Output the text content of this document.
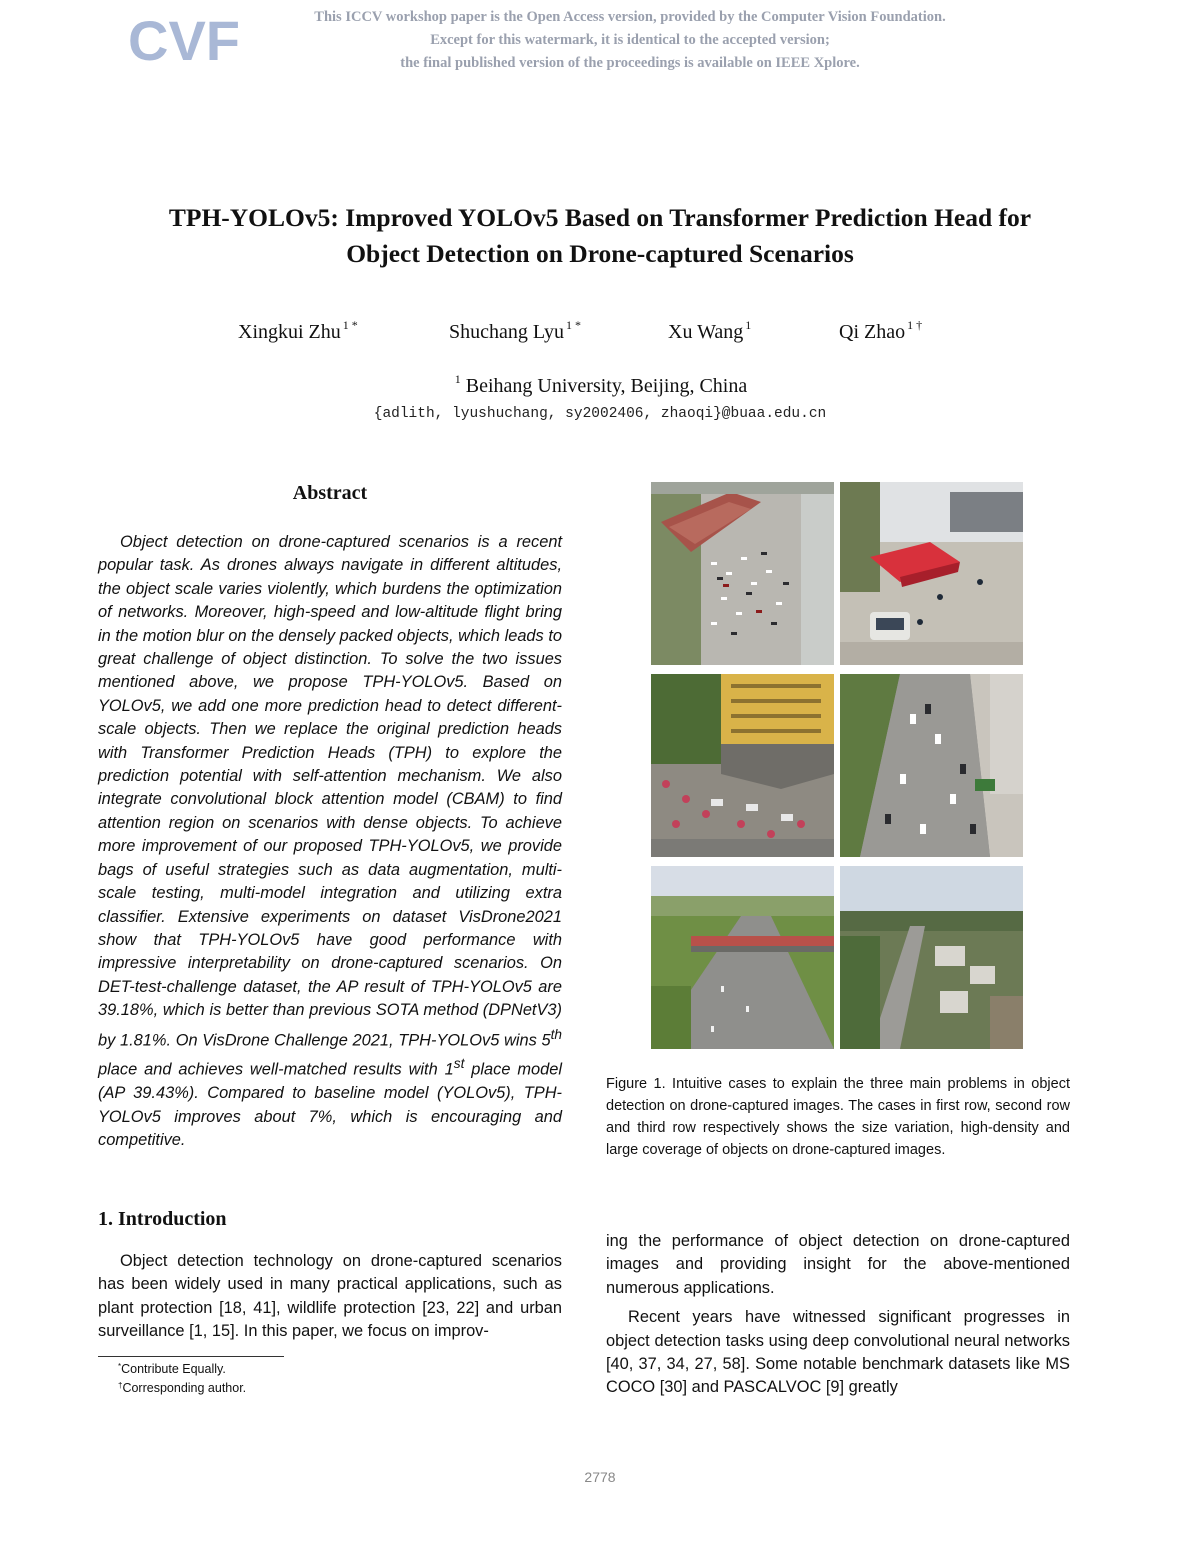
CVF	This ICCV workshop paper is the Open Access version, provided by the Computer Vision Foundation.
Except for this watermark, it is identical to the accepted version;
the final published version of the proceedings is available on IEEE Xplore.
TPH-YOLOv5: Improved YOLOv5 Based on Transformer Prediction Head for
Object Detection on Drone-captured Scenarios
Xingkui Zhu $^{1 *}$	Shuchang Lyu $^{1 *}$	Xu Wang $^1$	Qi Zhao $^{1 \dagger}$
$^1$ Beihang University, Beijing, China
{adlith, lyushuchang, sy2002406, zhaoqi}@buaa.edu.cn
Abstract
Object detection on drone-captured scenarios is a recent popular task. As drones always navigate in different altitudes, the object scale varies violently, which burdens the optimization of networks. Moreover, high-speed and low-altitude flight bring in the motion blur on the densely packed objects, which leads to great challenge of object distinction. To solve the two issues mentioned above, we propose TPH-YOLOv5. Based on YOLOv5, we add one more prediction head to detect different-scale objects. Then we replace the original prediction heads with Transformer Prediction Heads (TPH) to explore the prediction potential with self-attention mechanism. We also integrate convolutional block attention model (CBAM) to find attention region on scenarios with dense objects. To achieve more improvement of our proposed TPH-YOLOv5, we provide bags of useful strategies such as data augmentation, multi-scale testing, multi-model integration and utilizing extra classifier. Extensive experiments on dataset VisDrone2021 show that TPH-YOLOv5 have good performance with impressive interpretability on drone-captured scenarios. On DET-test-challenge dataset, the AP result of TPH-YOLOv5 are 39.18%, which is better than previous SOTA method (DPNetV3) by 1.81%. On VisDrone Challenge 2021, TPH-YOLOv5 wins 5th place and achieves well-matched results with 1st place model (AP 39.43%). Compared to baseline model (YOLOv5), TPH-YOLOv5 improves about 7%, which is encouraging and competitive.
1. Introduction
Object detection technology on drone-captured scenarios has been widely used in many practical applications, such as plant protection [18, 41], wildlife protection [23, 22] and urban surveillance [1, 15]. In this paper, we focus on improv-

ing the performance of object detection on drone-captured images and providing insight for the above-mentioned numerous applications.

Recent years have witnessed significant progresses in object detection tasks using deep convolutional neural networks [40, 37, 34, 27, 58]. Some notable benchmark datasets like MS COCO [30] and PASCALVOC [9] greatly

Figure 1. Intuitive cases to explain the three main problems in object detection on drone-captured images. The cases in first row, second row and third row respectively shows the size variation, high-density and large coverage of objects on drone-captured images.
*Contribute Equally.
†Corresponding author.
2778
